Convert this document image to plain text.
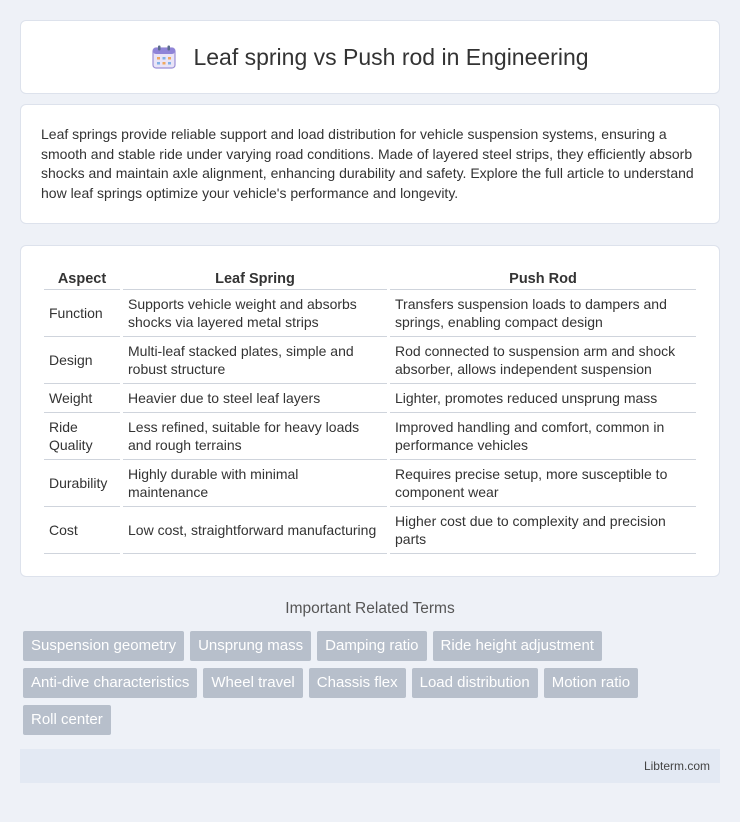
Leaf spring vs Push rod in Engineering

Leaf springs provide reliable support and load distribution for vehicle suspension systems, ensuring a smooth and stable ride under varying road conditions. Made of layered steel strips, they efficiently absorb shocks and maintain axle alignment, enhancing durability and safety. Explore the full article to understand how leaf springs optimize your vehicle's performance and longevity.

Aspect	Leaf Spring	Push Rod
Function	Supports vehicle weight and absorbs shocks via layered metal strips	Transfers suspension loads to dampers and springs, enabling compact design
Design	Multi-leaf stacked plates, simple and robust structure	Rod connected to suspension arm and shock absorber, allows independent suspension
Weight	Heavier due to steel leaf layers	Lighter, promotes reduced unsprung mass
Ride Quality	Less refined, suitable for heavy loads and rough terrains	Improved handling and comfort, common in performance vehicles
Durability	Highly durable with minimal maintenance	Requires precise setup, more susceptible to component wear
Cost	Low cost, straightforward manufacturing	Higher cost due to complexity and precision parts
Important Related Terms
Suspension geometry	Unsprung mass	Damping ratio	Ride height adjustment
Anti-dive characteristics	Wheel travel	Chassis flex	Load distribution	Motion ratio
Roll center
Libterm.com
